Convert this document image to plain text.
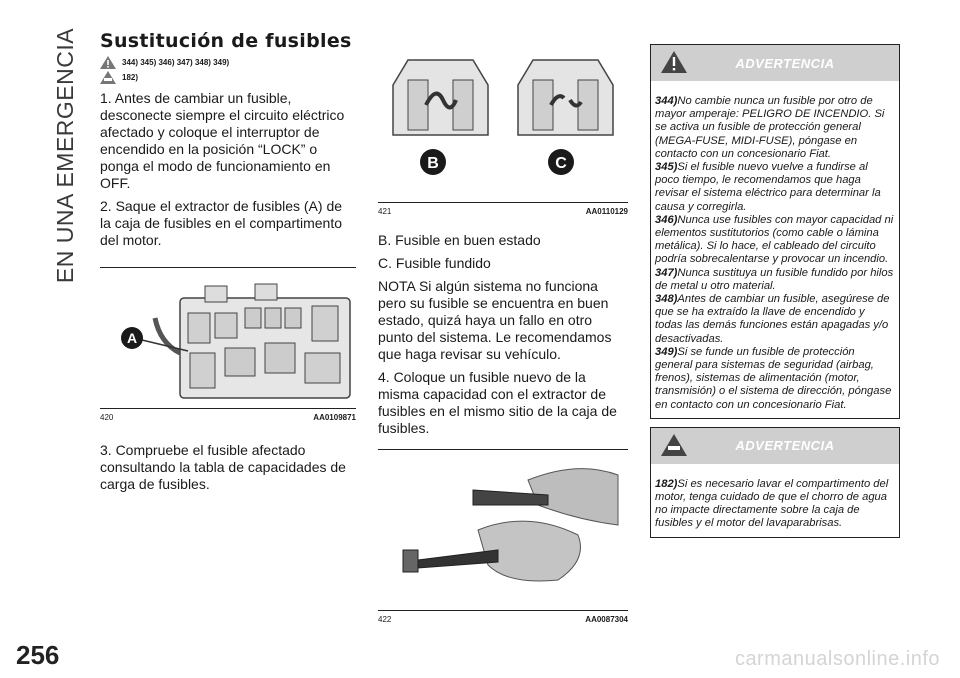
EN UNA EMERGENCIA Sustitución de fusibles
344) 345) 346) 347) 348) 349)
182)

1. Antes de cambiar un fusible, desconecte siempre el circuito eléctrico afectado y coloque el interruptor de encendido en la posición “LOCK” o ponga el modo de funcionamiento en OFF.

2. Saque el extractor de fusibles (A) de la caja de fusibles en el compartimento del motor.

A
420	AA0109871

3. Compruebe el fusible afectado consultando la tabla de capacidades de carga de fusibles.

B	C
421	AA0110129

B. Fusible en buen estado

C. Fusible fundido

NOTA Si algún sistema no funciona pero su fusible se encuentra en buen estado, quizá haya un fallo en otro punto del sistema. Le recomendamos que haga revisar su vehículo.

4. Coloque un fusible nuevo de la misma capacidad con el extractor de fusibles en el mismo sitio de la caja de fusibles.

422	AA0087304
ADVERTENCIA

344)No cambie nunca un fusible por otro de mayor amperaje: PELIGRO DE INCENDIO. Si se activa un fusible de protección general (MEGA-FUSE, MIDI-FUSE), póngase en contacto con un concesionario Fiat.

345)Si el fusible nuevo vuelve a fundirse al poco tiempo, le recomendamos que haga revisar el sistema eléctrico para determinar la causa y corregirla.

346)Nunca use fusibles con mayor capacidad ni elementos sustitutorios (como cable o lámina metálica). Si lo hace, el cableado del circuito podría sobrecalentarse y provocar un incendio.

347)Nunca sustituya un fusible fundido por hilos de metal u otro material.

348)Antes de cambiar un fusible, asegúrese de que se ha extraído la llave de encendido y todas las demás funciones están apagadas y/o desactivadas.

349)Si se funde un fusible de protección general para sistemas de seguridad (airbag, frenos), sistemas de alimentación (motor, transmisión) o el sistema de dirección, póngase en contacto con un concesionario Fiat.

ADVERTENCIA

182)Si es necesario lavar el compartimento del motor, tenga cuidado de que el chorro de agua no impacte directamente sobre la caja de fusibles y el motor del lavaparabrisas.

256	carmanualsonline.info
